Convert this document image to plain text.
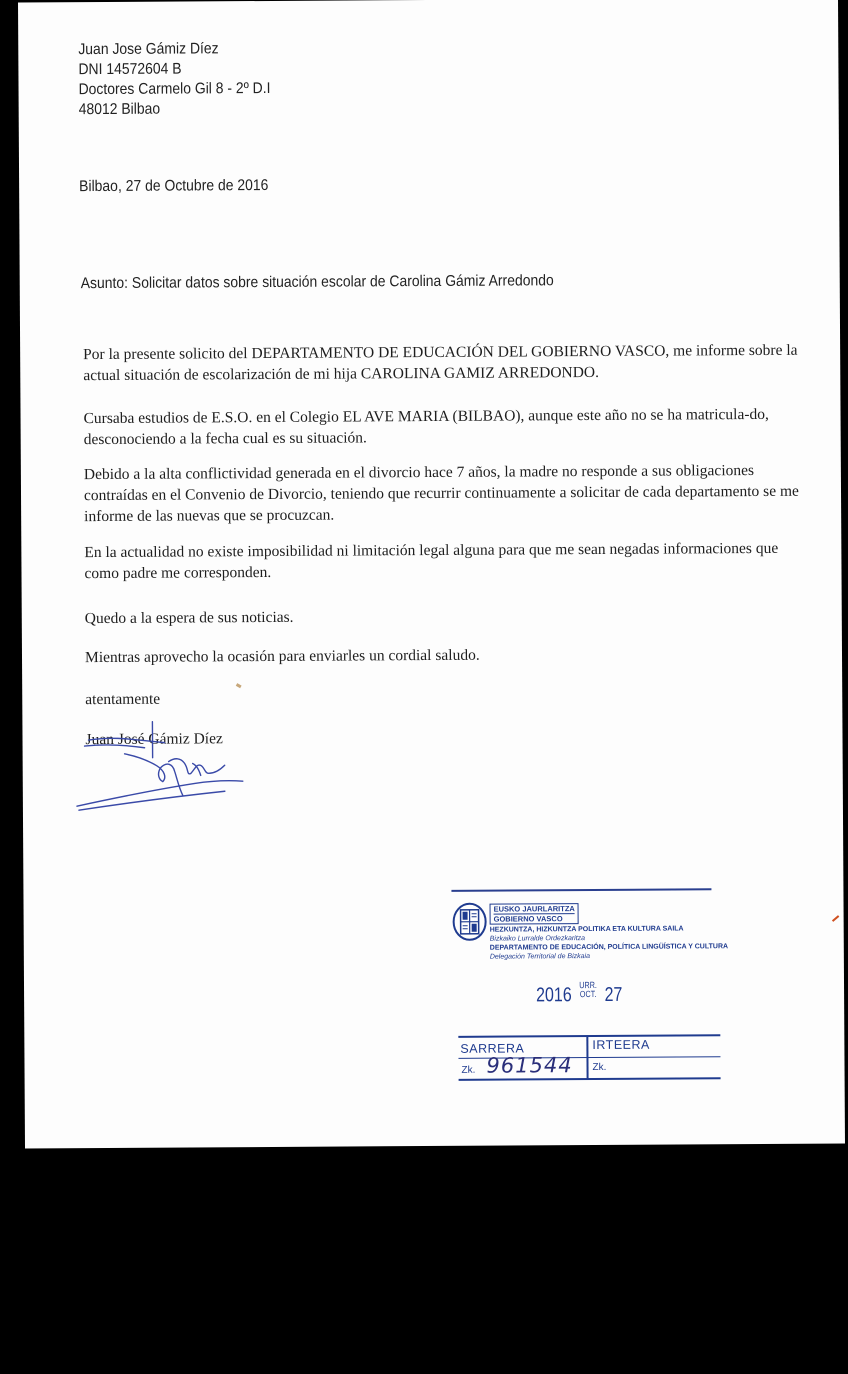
Juan Jose Gámiz Díez
DNI 14572604 B
Doctores Carmelo Gil 8 - 2º D.I
48012 Bilbao
Bilbao, 27 de Octubre de 2016
Asunto: Solicitar datos sobre situación escolar de Carolina Gámiz Arredondo

Por la presente solicito del DEPARTAMENTO DE EDUCACIÓN DEL GOBIERNO VASCO, me informe sobre la actual situación de escolarización de mi hija CAROLINA GAMIZ ARREDONDO.

Cursaba estudios de E.S.O. en el Colegio EL AVE MARIA (BILBAO), aunque este año no se ha matricula-do, desconociendo a la fecha cual es su situación.

Debido a la alta conflictividad generada en el divorcio hace 7 años, la madre no responde a sus obligaciones contraídas en el Convenio de Divorcio, teniendo que recurrir continuamente a solicitar de cada departamento se me informe de las nuevas que se procuzcan.

En la actualidad no existe imposibilidad ni limitación legal alguna para que me sean negadas informaciones que como padre me corresponden.

Quedo a la espera de sus noticias.

Mientras aprovecho la ocasión para enviarles un cordial saludo.

atentamente

Juan José Gámiz Díez

EUSKO JAURLARITZA
GOBIERNO VASCO
HEZKUNTZA, HIZKUNTZA POLITIKA ETA KULTURA SAILA
Bizkaiko Lurralde Ordezkaritza
DEPARTAMENTO DE EDUCACIÓN, POLÍTICA LINGÜÍSTICA Y CULTURA
Delegación Territorial de Bizkaia
2016 URR.
OCT. 27
SARRERA	IRTEERA
Zk.	Zk.
961544
